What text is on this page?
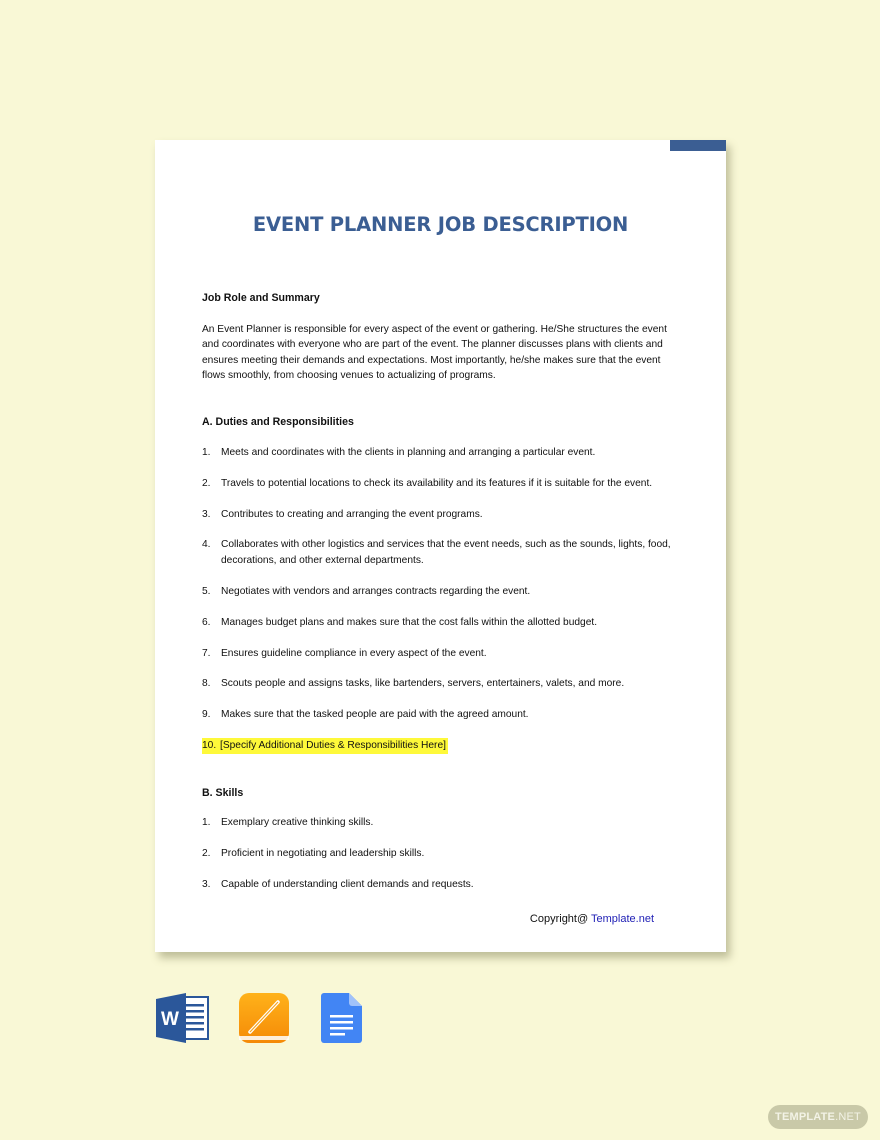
EVENT PLANNER JOB DESCRIPTION

Job Role and Summary

An Event Planner is responsible for every aspect of the event or gathering. He/She structures the event and coordinates with everyone who are part of the event. The planner discusses plans with clients and ensures meeting their demands and expectations. Most importantly, he/she makes sure that the event flows smoothly, from choosing venues to actualizing of programs.

A. Duties and Responsibilities

1.	Meets and coordinates with the clients in planning and arranging a particular event.
2.	Travels to potential locations to check its availability and its features if it is suitable for the event.
3.	Contributes to creating and arranging the event programs.
4.	Collaborates with other logistics and services that the event needs, such as the sounds, lights, food, decorations, and other external departments.
5.	Negotiates with vendors and arranges contracts regarding the event.
6.	Manages budget plans and makes sure that the cost falls within the allotted budget.
7.	Ensures guideline compliance in every aspect of the event.
8.	Scouts people and assigns tasks, like bartenders, servers, entertainers, valets, and more.
9.	Makes sure that the tasked people are paid with the agreed amount.
10. [Specify Additional Duties & Responsibilities Here]

B. Skills

1.	Exemplary creative thinking skills.
2.	Proficient in negotiating and leadership skills.
3.	Capable of understanding client demands and requests.
Copyright@ Template.net
W
TEMPLATE .NET
